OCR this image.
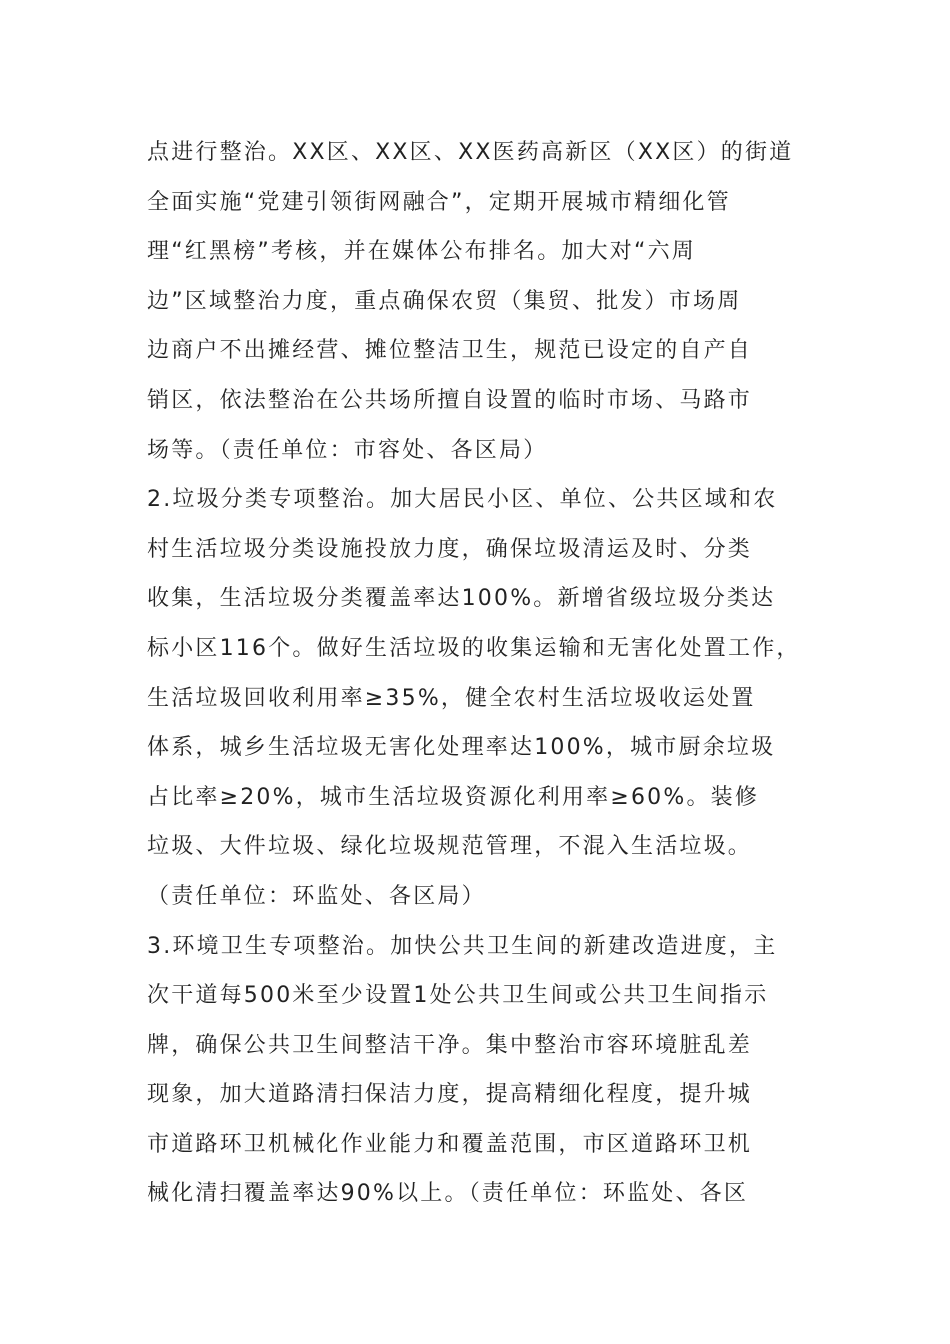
点进行整治。XX区、XX区、XX医药高新区（XX区）的街道
全面实施“党建引领街网融合”，定期开展城市精细化管
理“红黑榜”考核，并在媒体公布排名。加大对“六周
边”区域整治力度，重点确保农贸（集贸、批发）市场周
边商户不出摊经营、摊位整洁卫生，规范已设定的自产自
销区，依法整治在公共场所擅自设置的临时市场、马路市
场等。（责任单位：市容处、各区局）
2.垃圾分类专项整治。加大居民小区、单位、公共区域和农
村生活垃圾分类设施投放力度，确保垃圾清运及时、分类
收集，生活垃圾分类覆盖率达100%。新增省级垃圾分类达
标小区116个。做好生活垃圾的收集运输和无害化处置工作，
生活垃圾回收利用率≥35%，健全农村生活垃圾收运处置
体系，城乡生活垃圾无害化处理率达100%，城市厨余垃圾
占比率≥20%，城市生活垃圾资源化利用率≥60%。装修
垃圾、大件垃圾、绿化垃圾规范管理，不混入生活垃圾。
（责任单位：环监处、各区局）
3.环境卫生专项整治。加快公共卫生间的新建改造进度，主
次干道每500米至少设置1处公共卫生间或公共卫生间指示
牌，确保公共卫生间整洁干净。集中整治市容环境脏乱差
现象，加大道路清扫保洁力度，提高精细化程度，提升城
市道路环卫机械化作业能力和覆盖范围，市区道路环卫机
械化清扫覆盖率达90%以上。（责任单位：环监处、各区
